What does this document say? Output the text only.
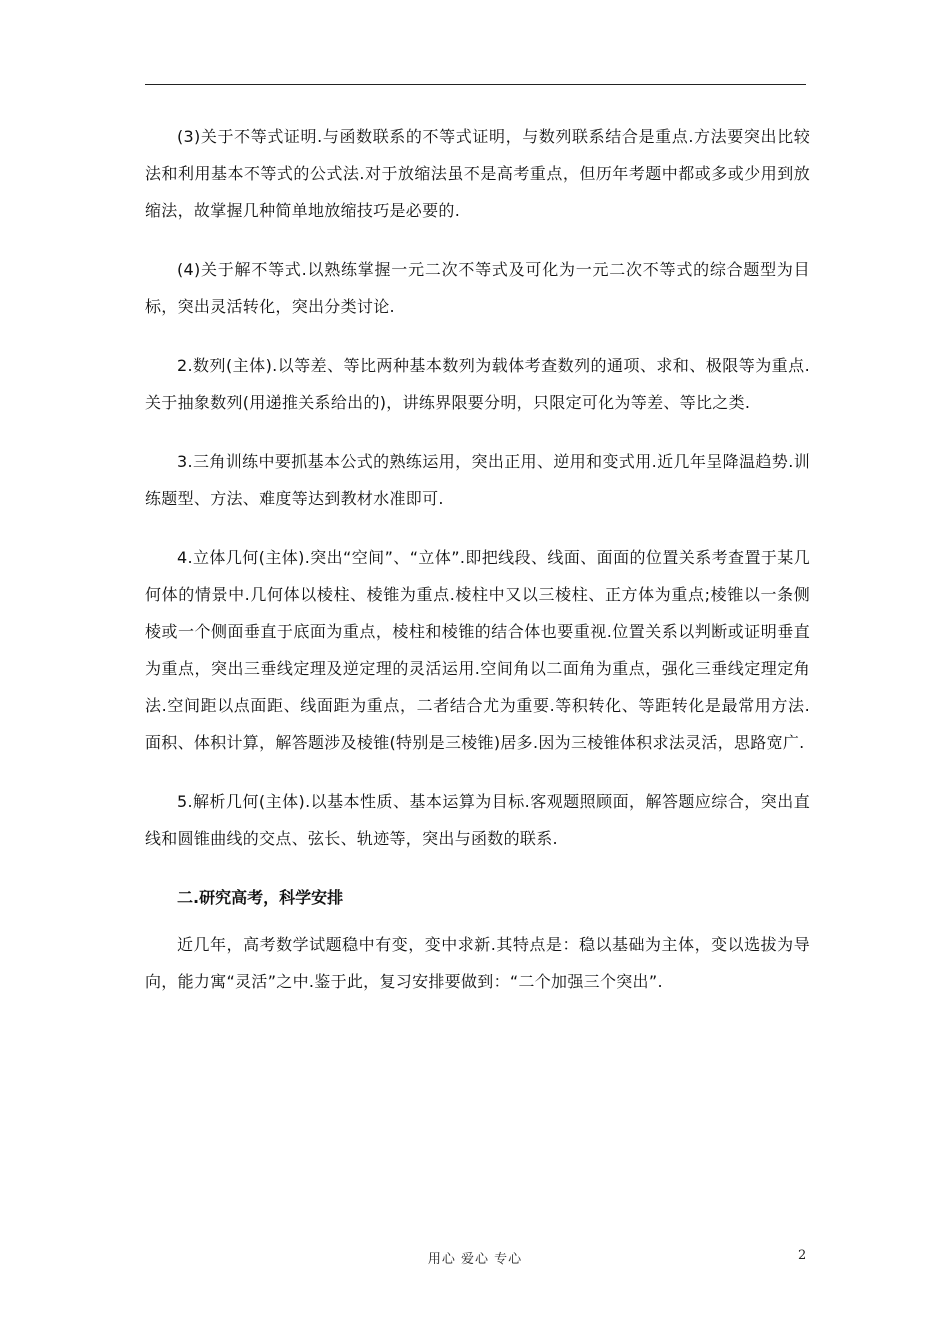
(3)关于不等式证明.与函数联系的不等式证明，与数列联系结合是重点.方法要突出比较法和利用基本不等式的公式法.对于放缩法虽不是高考重点，但历年考题中都或多或少用到放缩法，故掌握几种简单地放缩技巧是必要的.

(4)关于解不等式.以熟练掌握一元二次不等式及可化为一元二次不等式的综合题型为目标，突出灵活转化，突出分类讨论.

2.数列(主体).以等差、等比两种基本数列为载体考查数列的通项、求和、极限等为重点.关于抽象数列(用递推关系给出的)，讲练界限要分明，只限定可化为等差、等比之类.

3.三角训练中要抓基本公式的熟练运用，突出正用、逆用和变式用.近几年呈降温趋势.训练题型、方法、难度等达到教材水准即可.

4.立体几何(主体).突出“空间”、“立体”.即把线段、线面、面面的位置关系考查置于某几何体的情景中.几何体以棱柱、棱锥为重点.棱柱中又以三棱柱、正方体为重点;棱锥以一条侧棱或一个侧面垂直于底面为重点，棱柱和棱锥的结合体也要重视.位置关系以判断或证明垂直为重点，突出三垂线定理及逆定理的灵活运用.空间角以二面角为重点，强化三垂线定理定角法.空间距以点面距、线面距为重点，二者结合尤为重要.等积转化、等距转化是最常用方法.面积、体积计算，解答题涉及棱锥(特别是三棱锥)居多.因为三棱锥体积求法灵活，思路宽广.

5.解析几何(主体).以基本性质、基本运算为目标.客观题照顾面，解答题应综合，突出直线和圆锥曲线的交点、弦长、轨迹等，突出与函数的联系.

二.研究高考，科学安排

近几年，高考数学试题稳中有变，变中求新.其特点是：稳以基础为主体，变以选拔为导向，能力寓“灵活”之中.鉴于此，复习安排要做到：“二个加强三个突出”.

用心 爱心 专心	2
